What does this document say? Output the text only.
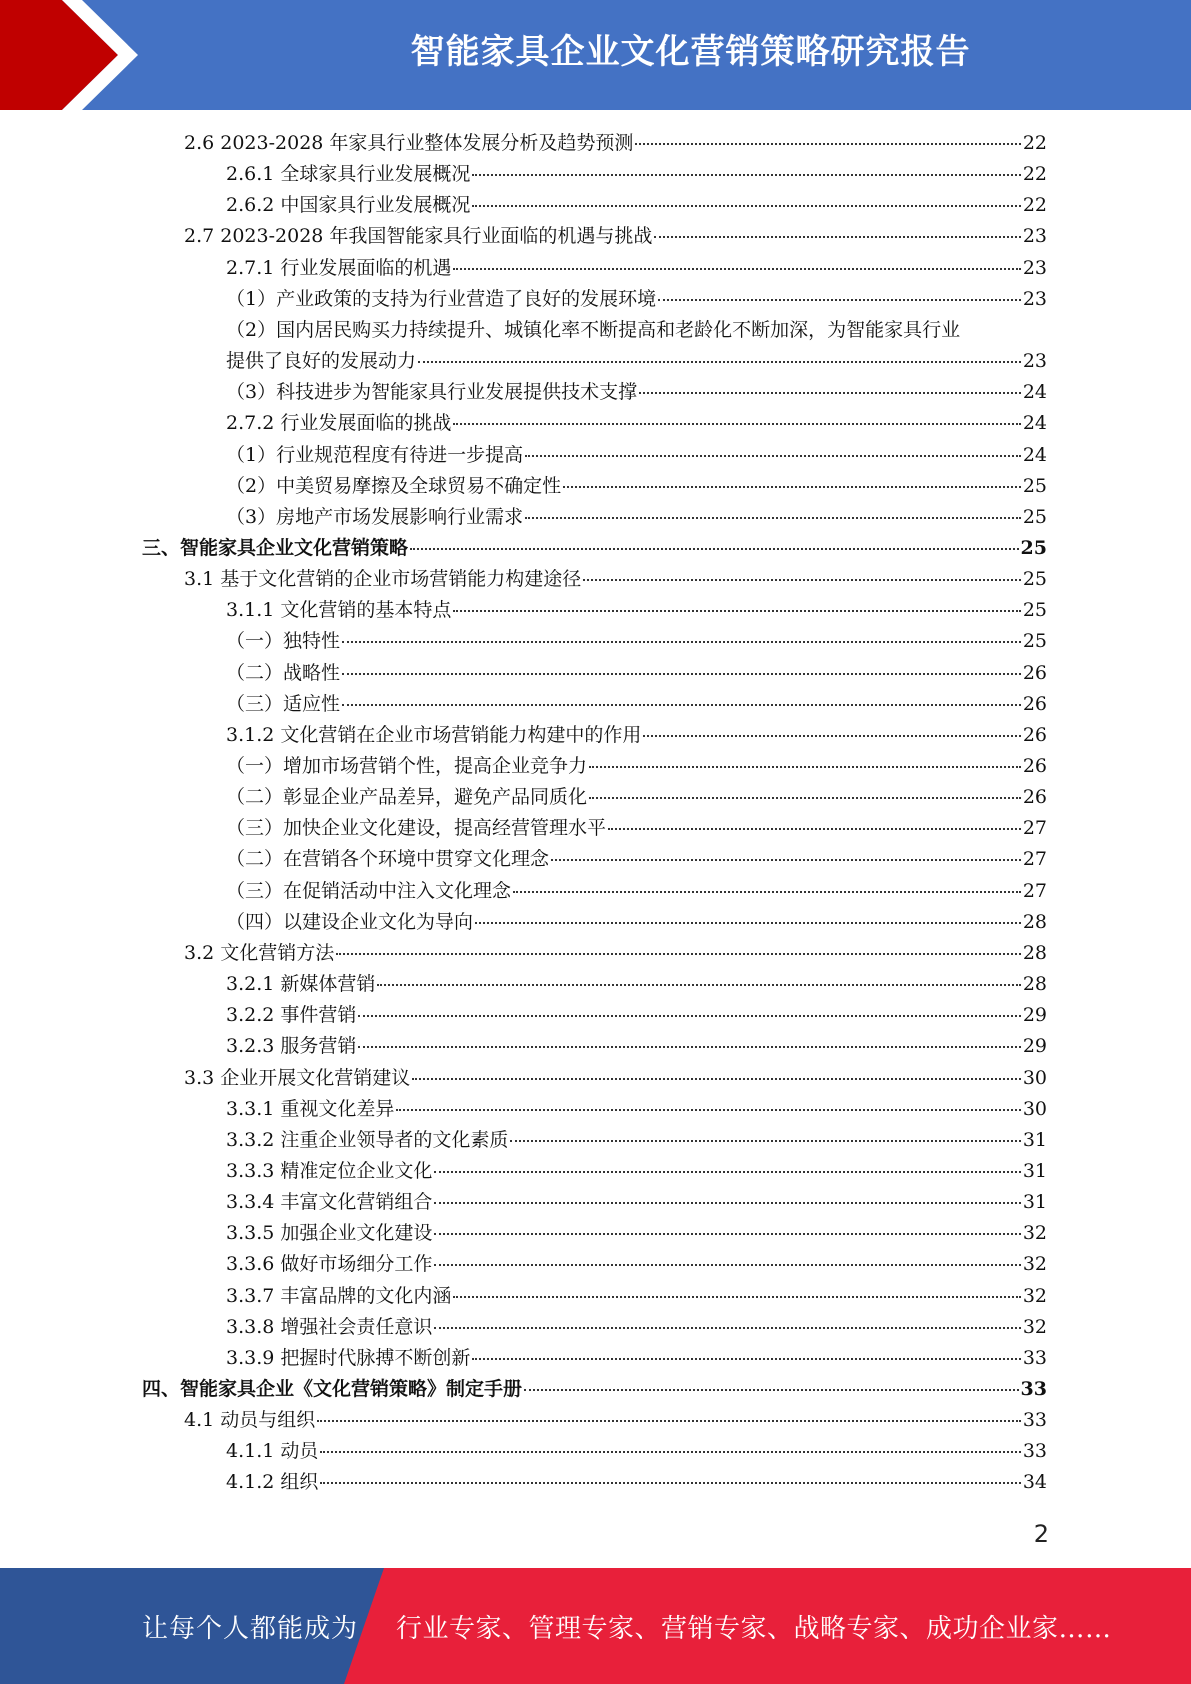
智能家具企业文化营销策略研究报告
2.6 2023-2028 年家具行业整体发展分析及趋势预测	22
2.6.1 全球家具行业发展概况	22
2.6.2 中国家具行业发展概况	22
2.7 2023-2028 年我国智能家具行业面临的机遇与挑战	23
2.7.1 行业发展面临的机遇	23
（1）产业政策的支持为行业营造了良好的发展环境	23
（2）国内居民购买力持续提升、城镇化率不断提高和老龄化不断加深，为智能家具行业
提供了良好的发展动力	23
（3）科技进步为智能家具行业发展提供技术支撑	24
2.7.2 行业发展面临的挑战	24
（1）行业规范程度有待进一步提高	24
（2）中美贸易摩擦及全球贸易不确定性	25
（3）房地产市场发展影响行业需求	25
三、智能家具企业文化营销策略	25
3.1 基于文化营销的企业市场营销能力构建途径	25
3.1.1 文化营销的基本特点	25
（一）独特性	25
（二）战略性	26
（三）适应性	26
3.1.2 文化营销在企业市场营销能力构建中的作用	26
（一）增加市场营销个性，提高企业竞争力	26
（二）彰显企业产品差异，避免产品同质化	26
（三）加快企业文化建设，提高经营管理水平	27
（二）在营销各个环境中贯穿文化理念	27
（三）在促销活动中注入文化理念	27
（四）以建设企业文化为导向	28
3.2 文化营销方法	28
3.2.1 新媒体营销	28
3.2.2 事件营销	29
3.2.3 服务营销	29
3.3 企业开展文化营销建议	30
3.3.1 重视文化差异	30
3.3.2 注重企业领导者的文化素质	31
3.3.3 精准定位企业文化	31
3.3.4 丰富文化营销组合	31
3.3.5 加强企业文化建设	32
3.3.6 做好市场细分工作	32
3.3.7 丰富品牌的文化内涵	32
3.3.8 增强社会责任意识	32
3.3.9 把握时代脉搏不断创新	33
四、智能家具企业《文化营销策略》制定手册	33
4.1 动员与组织	33
4.1.1 动员	33
4.1.2 组织	34
2
让每个人都能成为 行业专家、管理专家、营销专家、战略专家、成功企业家……
